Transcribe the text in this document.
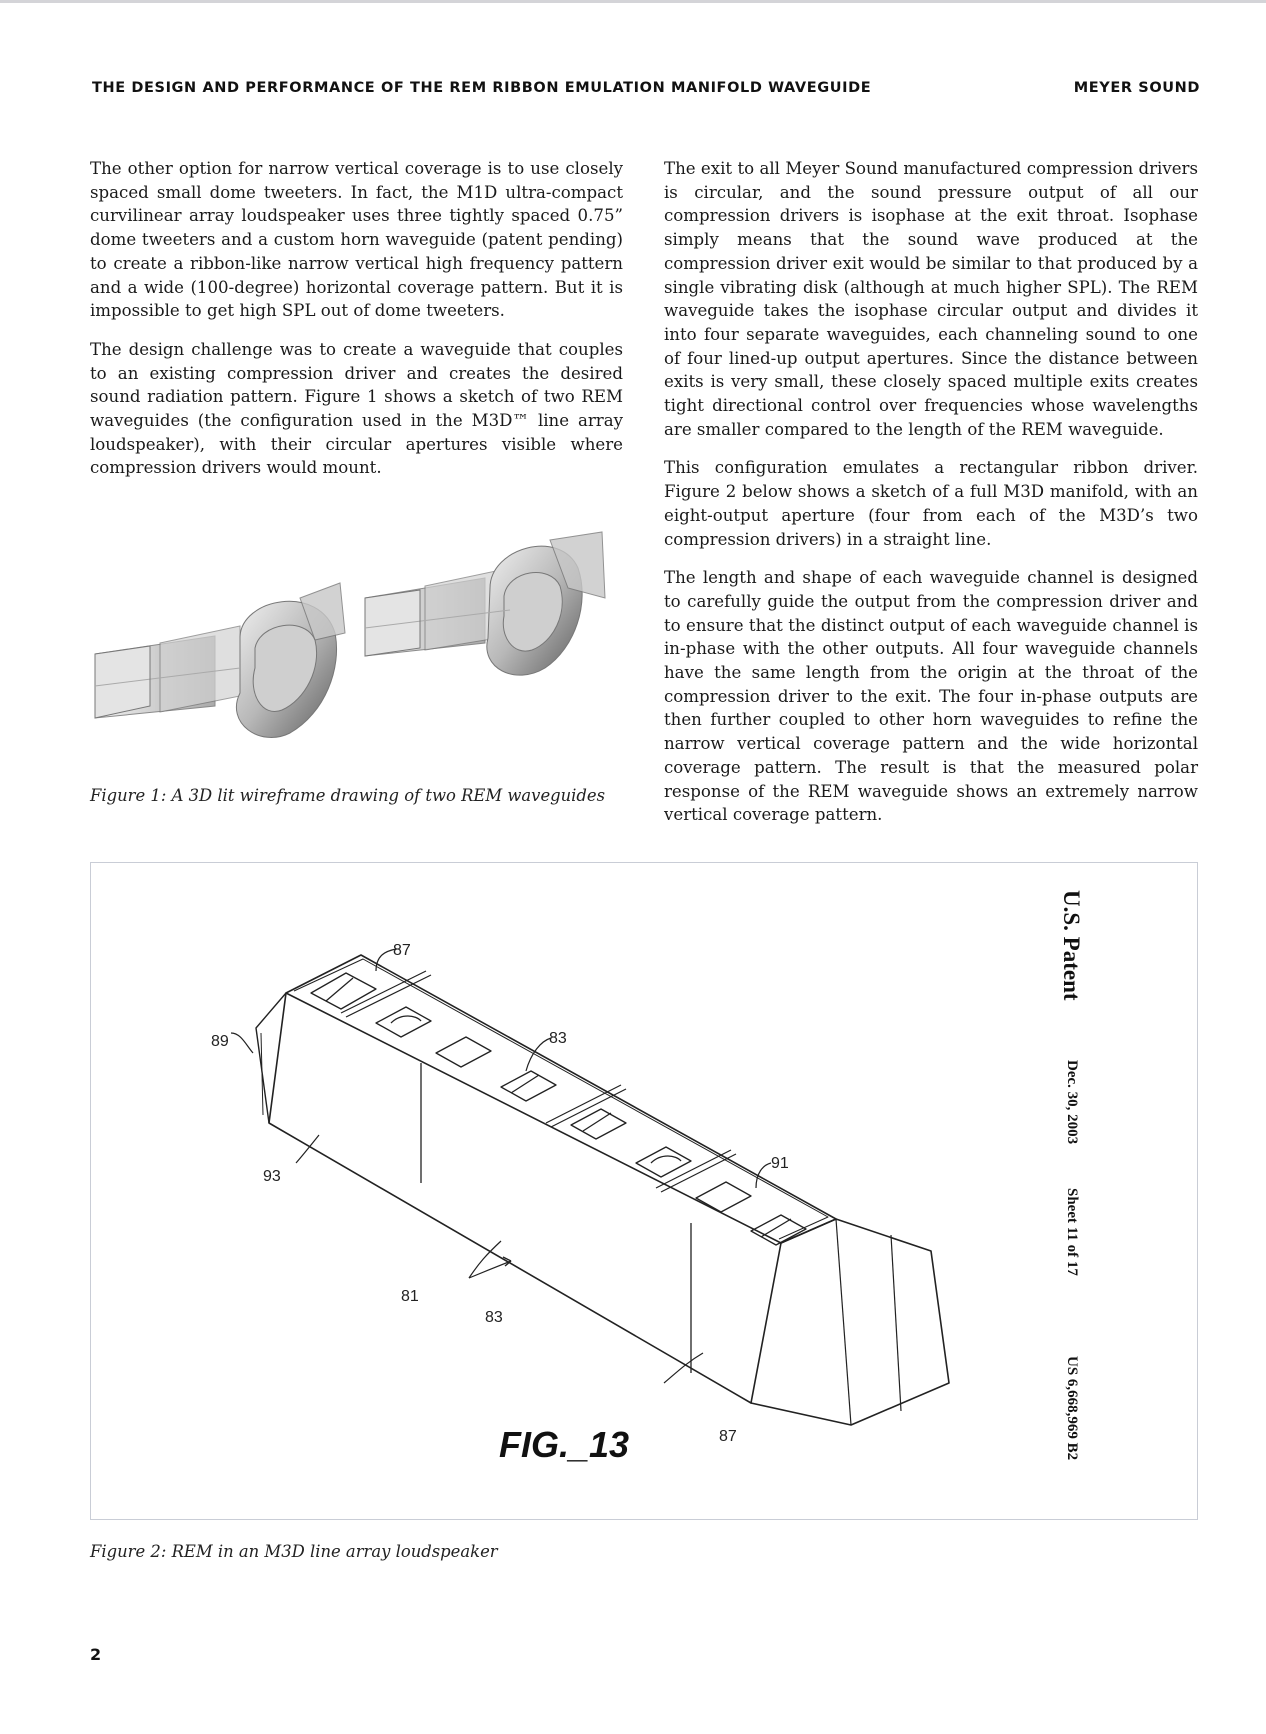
THE DESIGN AND PERFORMANCE OF THE REM RIBBON EMULATION MANIFOLD WAVEGUIDE	MEYER SOUND

The other option for narrow vertical coverage is to use closely spaced small dome tweeters. In fact, the M1D ultra-compact curvilinear array loudspeaker uses three tightly spaced 0.75” dome tweeters and a custom horn waveguide (patent pending) to create a ribbon-like narrow vertical high frequency pattern and a wide (100-degree) horizontal coverage pattern. But it is impossible to get high SPL out of dome tweeters.

The design challenge was to create a waveguide that couples to an existing compression driver and creates the desired sound radiation pattern. Figure 1 shows a sketch of two REM waveguides (the configuration used in the M3D™ line array loudspeaker), with their circular apertures visible where compression drivers would mount.

Figure 1: A 3D lit wireframe drawing of two REM waveguides

The exit to all Meyer Sound manufactured compression drivers is circular, and the sound pressure output of all our compression drivers is isophase at the exit throat. Isophase simply means that the sound wave produced at the compression driver exit would be similar to that produced by a single vibrating disk (although at much higher SPL). The REM waveguide takes the isophase circular output and divides it into four separate waveguides, each channeling sound to one of four lined-up output apertures. Since the distance between exits is very small, these closely spaced multiple exits creates tight directional control over frequencies whose wavelengths are smaller compared to the length of the REM waveguide.

This configuration emulates a rectangular ribbon driver. Figure 2 below shows a sketch of a full M3D manifold, with an eight-output aperture (four from each of the M3D’s two compression drivers) in a straight line.

The length and shape of each waveguide channel is designed to carefully guide the output from the compression driver and to ensure that the distinct output of each waveguide channel is in-phase with the other outputs. All four waveguide channels have the same length from the origin at the throat of the compression driver to the exit. The four in-phase outputs are then further coupled to other horn waveguides to refine the narrow vertical coverage pattern and the wide horizontal coverage pattern. The result is that the measured polar response of the REM waveguide shows an extremely narrow vertical coverage pattern.

87
89	83
91
93
81
83
87
FIG._13
U.S. Patent
Dec. 30, 2003
Sheet 11 of 17
US 6,668,969 B2
Figure 2: REM in an M3D line array loudspeaker
2
